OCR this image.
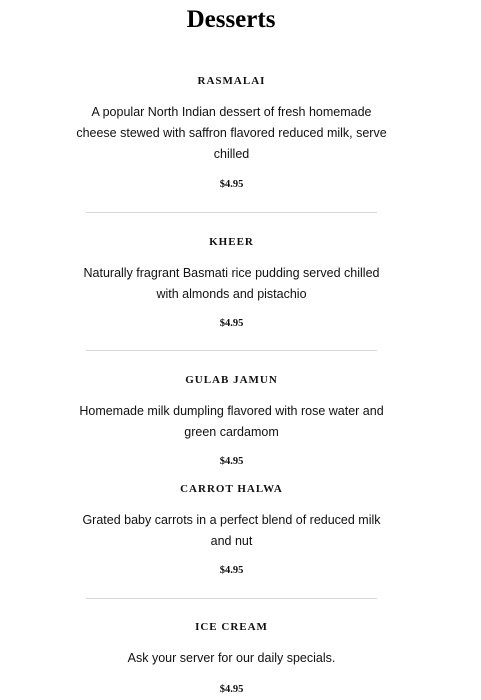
Desserts
RASMALAI
A popular North Indian dessert of fresh homemade cheese stewed with saffron flavored reduced milk, serve chilled
$4.95
KHEER
Naturally fragrant Basmati rice pudding served chilled with almonds and pistachio
$4.95
GULAB JAMUN
Homemade milk dumpling flavored with rose water and green cardamom
$4.95
CARROT HALWA
Grated baby carrots in a perfect blend of reduced milk and nut
$4.95
ICE CREAM
Ask your server for our daily specials.
$4.95
